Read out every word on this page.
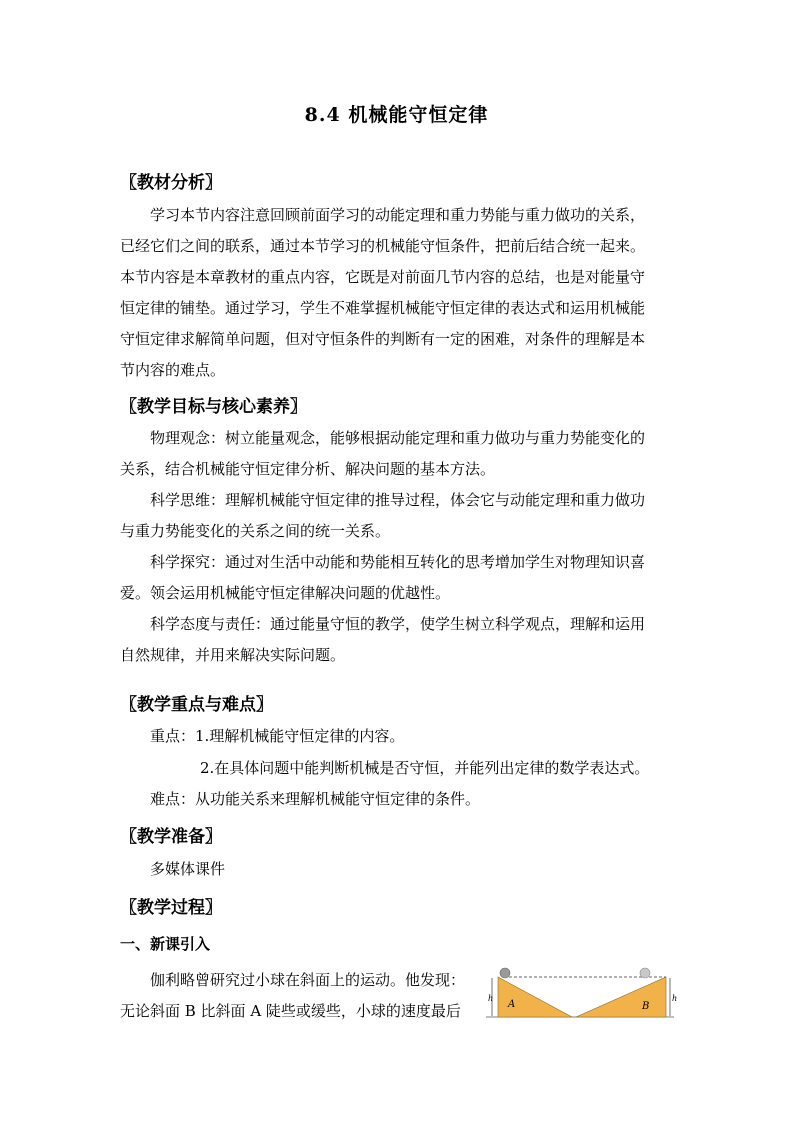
8.4 机械能守恒定律
〖教材分析〗
学习本节内容注意回顾前面学习的动能定理和重力势能与重力做功的关系，
已经它们之间的联系，通过本节学习的机械能守恒条件，把前后结合统一起来。
本节内容是本章教材的重点内容，它既是对前面几节内容的总结，也是对能量守
恒定律的铺垫。通过学习，学生不难掌握机械能守恒定律的表达式和运用机械能
守恒定律求解简单问题，但对守恒条件的判断有一定的困难，对条件的理解是本
节内容的难点。
〖教学目标与核心素养〗
物理观念：树立能量观念，能够根据动能定理和重力做功与重力势能变化的
关系，结合机械能守恒定律分析、解决问题的基本方法。
科学思维：理解机械能守恒定律的推导过程，体会它与动能定理和重力做功
与重力势能变化的关系之间的统一关系。
科学探究：通过对生活中动能和势能相互转化的思考增加学生对物理知识喜
爱。领会运用机械能守恒定律解决问题的优越性。
科学态度与责任：通过能量守恒的教学，使学生树立科学观点，理解和运用
自然规律，并用来解决实际问题。
〖教学重点与难点〗
重点：1.理解机械能守恒定律的内容。
2.在具体问题中能判断机械是否守恒，并能列出定律的数学表达式。
难点：从功能关系来理解机械能守恒定律的条件。
〖教学准备〗
多媒体课件
〖教学过程〗
一、新课引入
伽利略曾研究过小球在斜面上的运动。他发现：
无论斜面 B 比斜面 A 陡些或缓些，小球的速度最后
h	h
A	B
